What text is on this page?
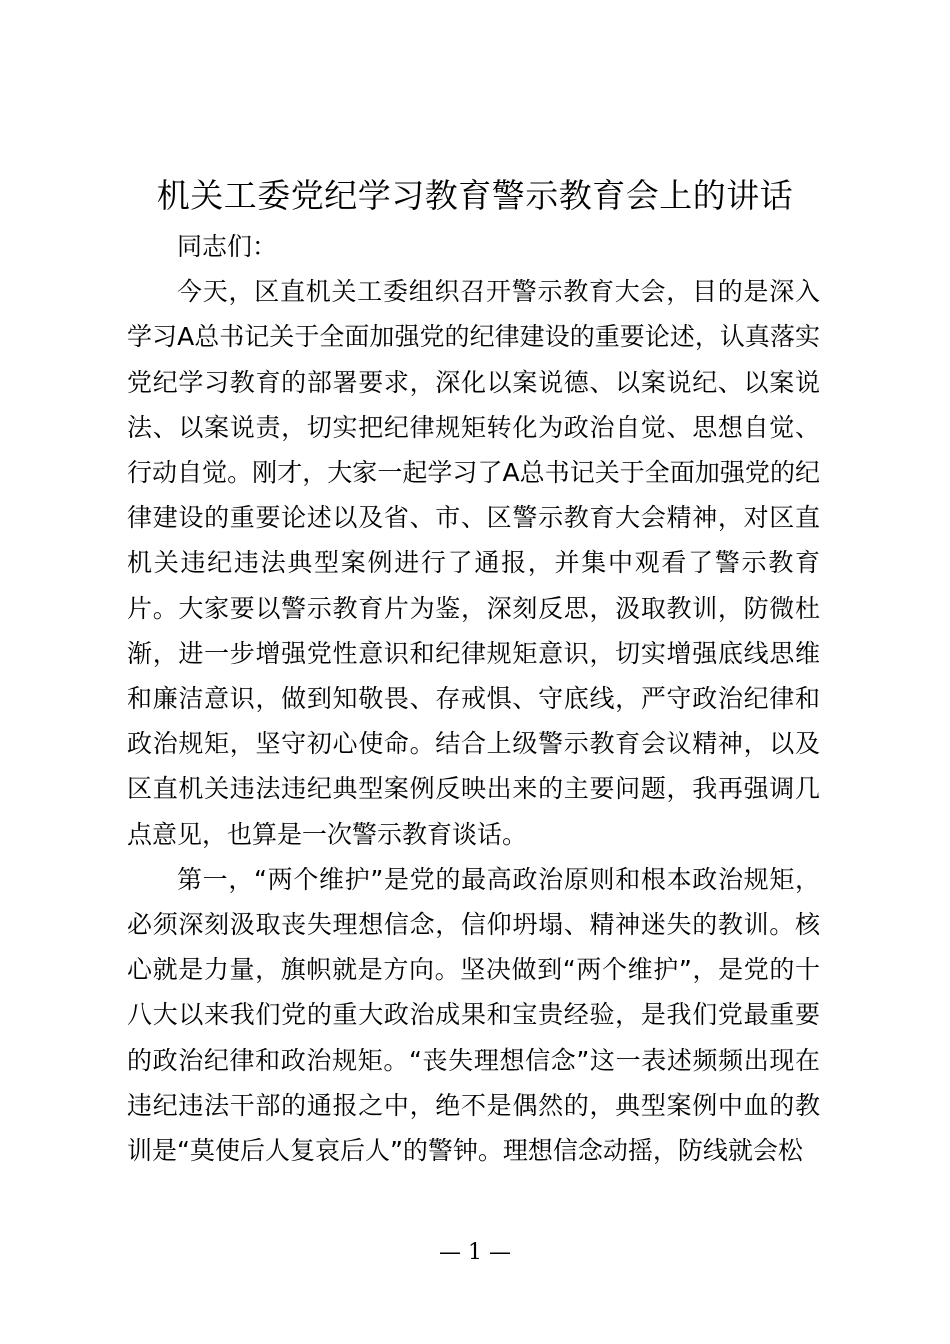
机关工委党纪学习教育警示教育会上的讲话

同志们：

今天，区直机关工委组织召开警示教育大会，目的是深入学习A总书记关于全面加强党的纪律建设的重要论述，认真落实党纪学习教育的部署要求，深化以案说德、以案说纪、以案说法、以案说责，切实把纪律规矩转化为政治自觉、思想自觉、行动自觉。刚才，大家一起学习了A总书记关于全面加强党的纪律建设的重要论述以及省、市、区警示教育大会精神，对区直机关违纪违法典型案例进行了通报，并集中观看了警示教育片。大家要以警示教育片为鉴，深刻反思，汲取教训，防微杜渐，进一步增强党性意识和纪律规矩意识，切实增强底线思维和廉洁意识，做到知敬畏、存戒惧、守底线，严守政治纪律和政治规矩，坚守初心使命。结合上级警示教育会议精神，以及区直机关违法违纪典型案例反映出来的主要问题，我再强调几点意见，也算是一次警示教育谈话。

第一，“两个维护”是党的最高政治原则和根本政治规矩，必须深刻汲取丧失理想信念，信仰坍塌、精神迷失的教训。核心就是力量，旗帜就是方向。坚决做到“两个维护”，是党的十八大以来我们党的重大政治成果和宝贵经验，是我们党最重要的政治纪律和政治规矩。“丧失理想信念”这一表述频频出现在违纪违法干部的通报之中，绝不是偶然的，典型案例中血的教训是“莫使后人复哀后人”的警钟。理想信念动摇，防线就会松

— 1 —
